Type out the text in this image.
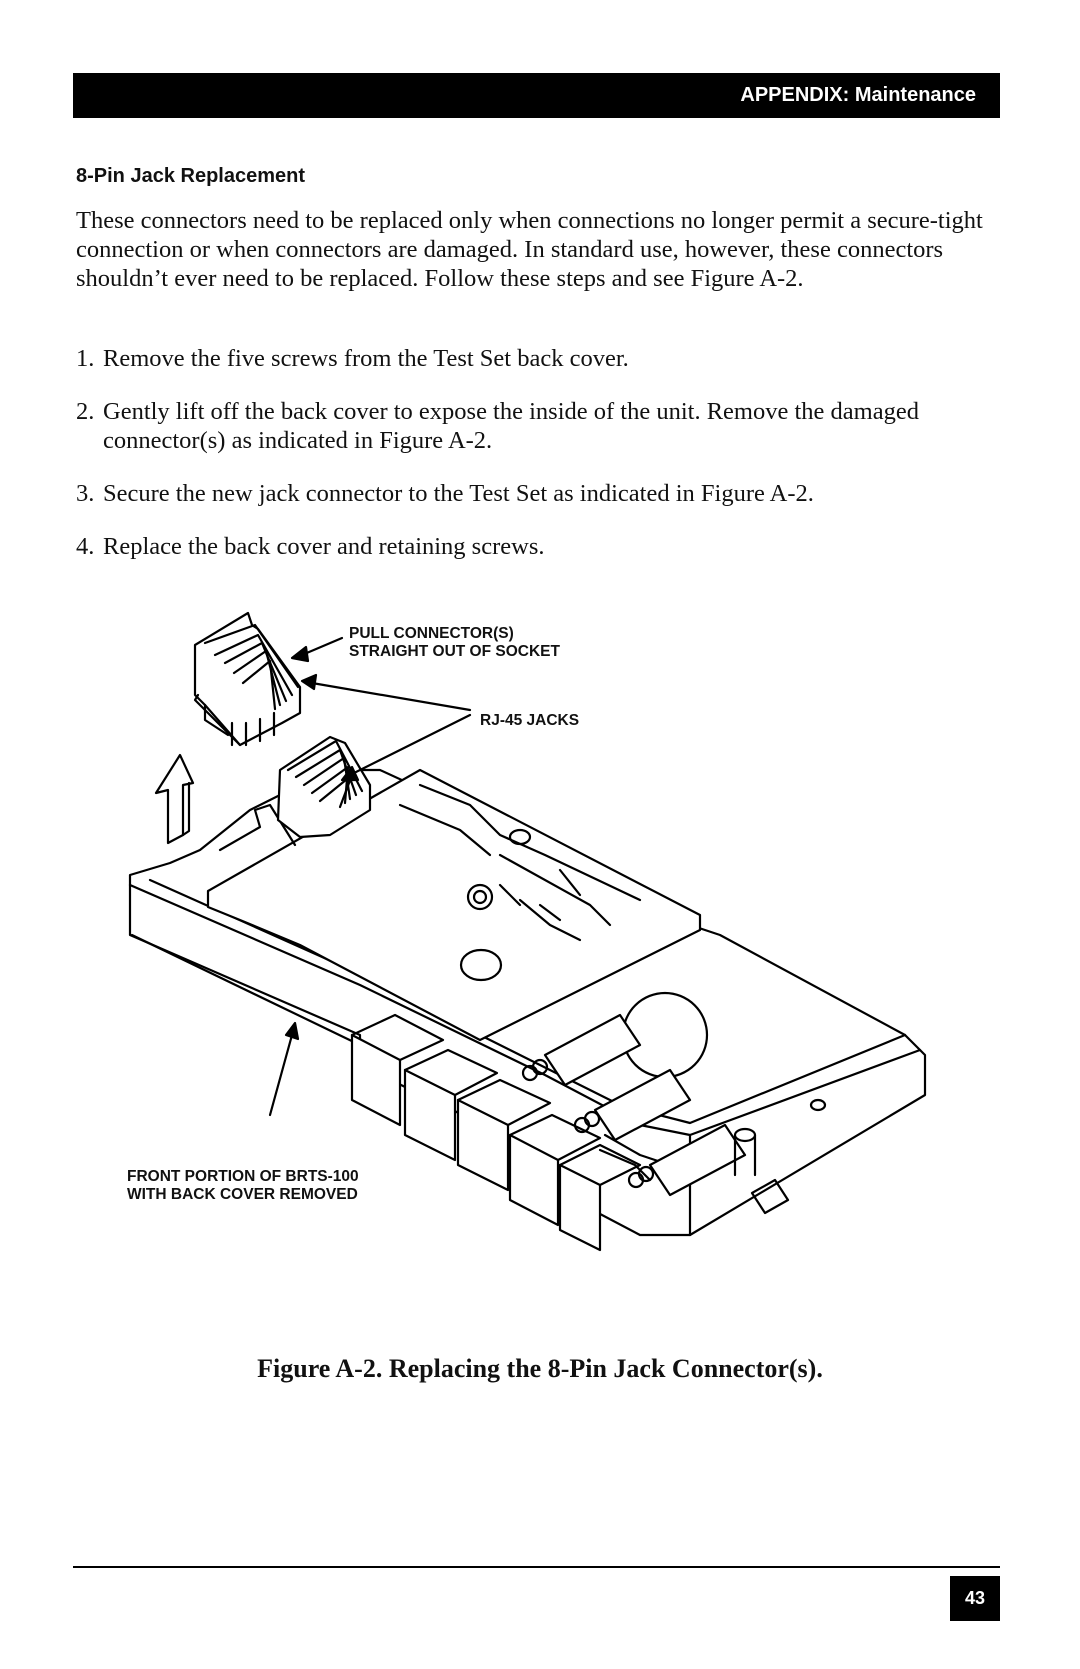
APPENDIX: Maintenance
8-Pin Jack Replacement

These connectors need to be replaced only when connections no longer permit a secure-tight connection or when connectors are damaged. In standard use, however, these connectors shouldn’t ever need to be replaced. Follow these steps and see Figure A-2.

1. Remove the five screws from the Test Set back cover.
2. Gently lift off the back cover to expose the inside of the unit. Remove the damaged connector(s) as indicated in Figure A-2.
3. Secure the new jack connector to the Test Set as indicated in Figure A-2.
4. Replace the back cover and retaining screws.
PULL CONNECTOR(S)
STRAIGHT OUT OF SOCKET
RJ-45 JACKS
FRONT PORTION OF BRTS-100
WITH BACK COVER REMOVED
Figure A-2. Replacing the 8-Pin Jack Connector(s).
43
